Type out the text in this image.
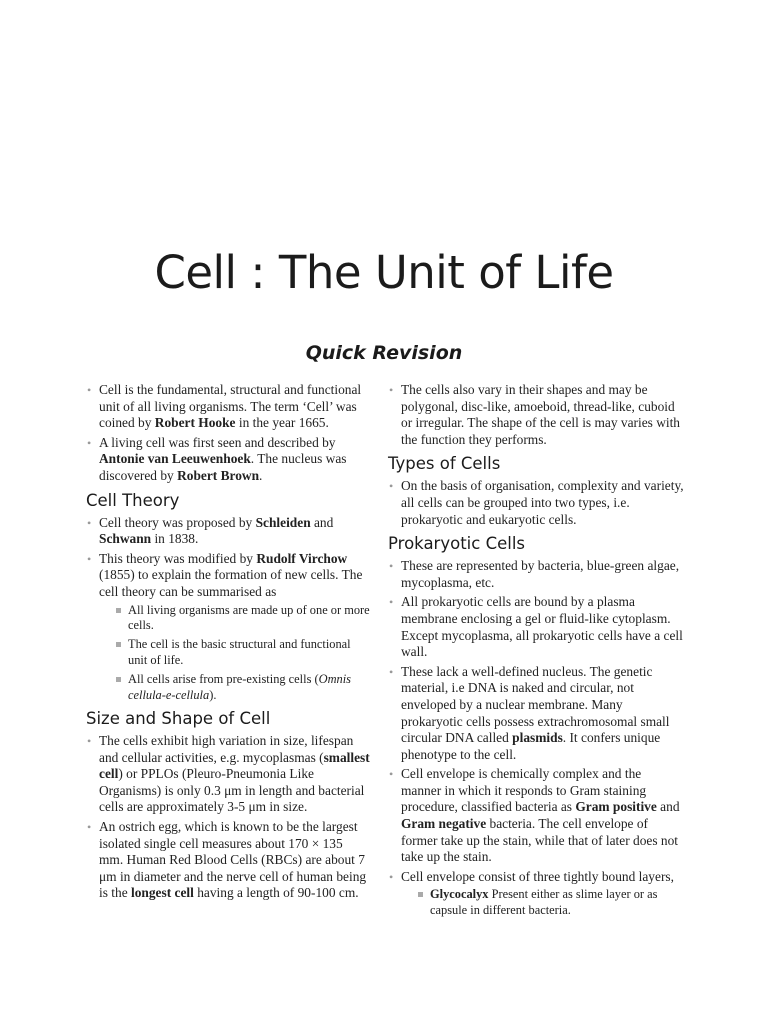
Cell : The Unit of Life
Quick Revision
• Cell is the fundamental, structural and functional unit of all living organisms. The term ‘Cell’ was coined by Robert Hooke in the year 1665.
• A living cell was first seen and described by Antonie van Leeuwenhoek. The nucleus was discovered by Robert Brown.
Cell Theory
• Cell theory was proposed by Schleiden and Schwann in 1838.
• This theory was modified by Rudolf Virchow (1855) to explain the formation of new cells. The cell theory can be summarised as
All living organisms are made up of one or more cells.
The cell is the basic structural and functional unit of life.
All cells arise from pre-existing cells (Omnis cellula-e-cellula).
Size and Shape of Cell
• The cells exhibit high variation in size, lifespan and cellular activities, e.g. mycoplasmas (smallest cell) or PPLOs (Pleuro-Pneumonia Like Organisms) is only 0.3 μm in length and bacterial cells are approximately 3-5 μm in size.
• An ostrich egg, which is known to be the largest isolated single cell measures about 170 × 135 mm. Human Red Blood Cells (RBCs) are about 7 μm in diameter and the nerve cell of human being is the longest cell having a length of 90-100 cm.
• The cells also vary in their shapes and may be polygonal, disc-like, amoeboid, thread-like, cuboid or irregular. The shape of the cell is may varies with the function they performs.
Types of Cells
• On the basis of organisation, complexity and variety, all cells can be grouped into two types, i.e. prokaryotic and eukaryotic cells.
Prokaryotic Cells
• These are represented by bacteria, blue-green algae, mycoplasma, etc.
• All prokaryotic cells are bound by a plasma membrane enclosing a gel or fluid-like cytoplasm. Except mycoplasma, all prokaryotic cells have a cell wall.
• These lack a well-defined nucleus. The genetic material, i.e DNA is naked and circular, not enveloped by a nuclear membrane. Many prokaryotic cells possess extrachromosomal small circular DNA called plasmids. It confers unique phenotype to the cell.
• Cell envelope is chemically complex and the manner in which it responds to Gram staining procedure, classified bacteria as Gram positive and Gram negative bacteria. The cell envelope of former take up the stain, while that of later does not take up the stain.
• Cell envelope consist of three tightly bound layers,
Glycocalyx Present either as slime layer or as capsule in different bacteria.
